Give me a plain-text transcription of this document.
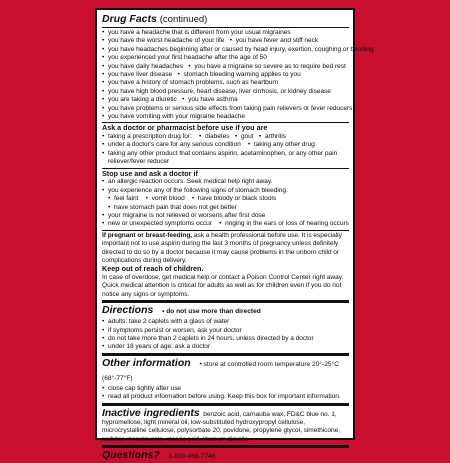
Drug Facts (continued)
• you have a headache that is different from your usual migraines
• you have the worst headache of your life • you have fever and stiff neck
• you have headaches beginning after or caused by head injury, exertion, coughing or bending
• you experienced your first headache after the age of 50
• you have daily headaches • you have a migraine so severe as to require bed rest
• you have liver disease • stomach bleeding warning applies to you
• you have a history of stomach problems, such as heartburn
• you have high blood pressure, heart disease, liver cirrhosis, or kidney disease
• you are taking a diuretic • you have asthma
• you have problems or serious side effects from taking pain relievers or fever reducers
• you have vomiting with your migraine headache
Ask a doctor or pharmacist before use if you are
• taking a prescription drug for: • diabetes • gout • arthritis
• under a doctor's care for any serious condition • taking any other drug
• taking any other product that contains aspirin, acetaminophen, or any other pain
reliever/fever reducer
Stop use and ask a doctor if
• an allergic reaction occurs. Seek medical help right away.
• you experience any of the following signs of stomach bleeding:
• feel faint • vomit blood • have bloody or black stools
• have stomach pain that does not get better
• your migraine is not relieved or worsens after first dose
• new or unexpected symptoms occur • ringing in the ears or loss of hearing occurs
If pregnant or breast-feeding, ask a health professional before use. It is especially important not to use aspirin during the last 3 months of pregnancy unless definitely directed to do so by a doctor because it may cause problems in the unborn child or complications during delivery.
Keep out of reach of children.
In case of overdose, get medical help or contact a Poison Control Center right away. Quick medical attention is critical for adults as well as for children even if you do not notice any signs or symptoms.
Directions • do not use more than directed
• adults: take 2 caplets with a glass of water
• if symptoms persist or worsen, ask your doctor
• do not take more than 2 caplets in 24 hours, unless directed by a doctor
• under 18 years of age: ask a doctor
Other information • store at controlled room temperature 20°-25°C (68°-77°F)
• close cap tightly after use
• read all product information before using. Keep this box for important information.
Inactive ingredients benzoic acid, carnauba wax, FD&C blue no. 1, hypromellose, light mineral oil, low-substituted hydroxypropyl cellulose, microcrystalline cellulose, polysorbate 20, povidone, propylene glycol, simethicone, sorbitan monolaurate, stearic acid, titanium dioxide
Questions? 1-800-468-7746
